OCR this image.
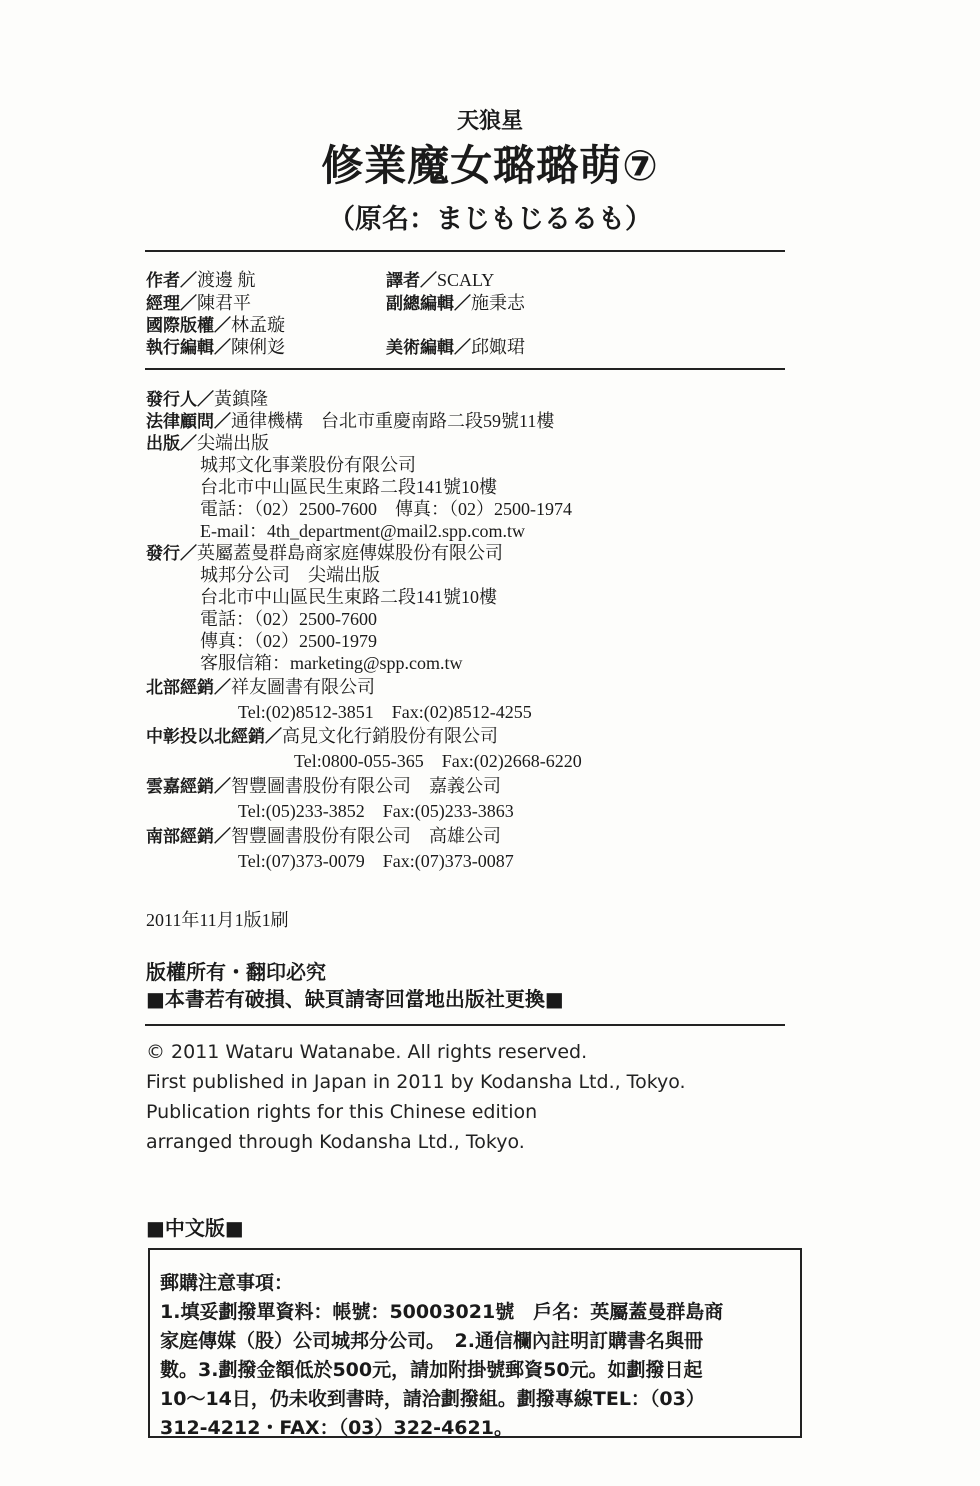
天狼星
修業魔女璐璐萌⑦
（原名：まじもじるるも）
作者／渡邊 航	譯者／SCALY
經理／陳君平	副總編輯／施秉志
國際版權／林孟璇
執行編輯／陳俐彣	美術編輯／邱娵珺
發行人／黃鎮隆
法律顧問／通律機構　台北市重慶南路二段59號11樓
出版／尖端出版
城邦文化事業股份有限公司
台北市中山區民生東路二段141號10樓
電話：（02）2500-7600　傳真：（02）2500-1974
E-mail：4th_department@mail2.spp.com.tw
發行／英屬蓋曼群島商家庭傳媒股份有限公司
城邦分公司　尖端出版
台北市中山區民生東路二段141號10樓
電話：（02）2500-7600
傳真：（02）2500-1979
客服信箱：marketing@spp.com.tw
北部經銷／祥友圖書有限公司
Tel:(02)8512-3851　Fax:(02)8512-4255
中彰投以北經銷／高見文化行銷股份有限公司
Tel:0800-055-365　Fax:(02)2668-6220
雲嘉經銷／智豐圖書股份有限公司　嘉義公司
Tel:(05)233-3852　Fax:(05)233-3863
南部經銷／智豐圖書股份有限公司　高雄公司
Tel:(07)373-0079　Fax:(07)373-0087
2011年11月1版1刷
版權所有・翻印必究
■本書若有破損、缺頁請寄回當地出版社更換■
© 2011 Wataru Watanabe. All rights reserved.
First published in Japan in 2011 by Kodansha Ltd., Tokyo.
Publication rights for this Chinese edition
arranged through Kodansha Ltd., Tokyo.
■中文版■
郵購注意事項：
1.填妥劃撥單資料：帳號：50003021號　戶名：英屬蓋曼群島商
家庭傳媒（股）公司城邦分公司。　2.通信欄內註明訂購書名與冊
數。3.劃撥金額低於500元，請加附掛號郵資50元。如劃撥日起
10～14日，仍未收到書時，請洽劃撥組。劃撥專線TEL：（03）
312-4212・FAX：（03）322-4621。
